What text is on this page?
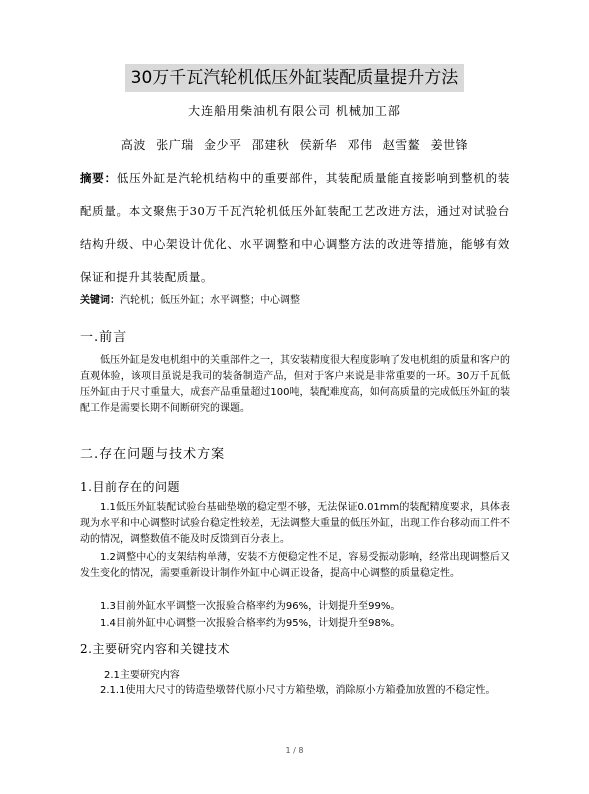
30万千瓦汽轮机低压外缸装配质量提升方法
大连船用柴油机有限公司 机械加工部
高波 张广瑞 金少平 邵建秋 侯新华 邓伟 赵雪鳌 姜世锋
摘要：低压外缸是汽轮机结构中的重要部件，其装配质量能直接影响到整机的装配质量。本文聚焦于30万千瓦汽轮机低压外缸装配工艺改进方法，通过对试验台结构升级、中心架设计优化、水平调整和中心调整方法的改进等措施，能够有效保证和提升其装配质量。
关键词：汽轮机；低压外缸；水平调整；中心调整
一.前言
低压外缸是发电机组中的关重部件之一，其安装精度很大程度影响了发电机组的质量和客户的直观体验，该项目虽说是我司的装备制造产品，但对于客户来说是非常重要的一环。30万千瓦低压外缸由于尺寸重量大，成套产品重量超过100吨，装配难度高，如何高质量的完成低压外缸的装配工作是需要长期不间断研究的课题。
二.存在问题与技术方案
1.目前存在的问题
1.1低压外缸装配试验台基础垫墩的稳定型不够，无法保证0.01mm的装配精度要求，具体表现为水平和中心调整时试验台稳定性较差，无法调整大重量的低压外缸，出现工作台移动而工件不动的情况，调整数值不能及时反馈到百分表上。
1.2调整中心的支架结构单薄，安装不方便稳定性不足，容易受振动影响，经常出现调整后又发生变化的情况，需要重新设计制作外缸中心调正设备，提高中心调整的质量稳定性。
1.3目前外缸水平调整一次报验合格率约为96%，计划提升至99%。
1.4目前外缸中心调整一次报验合格率约为95%，计划提升至98%。
2.主要研究内容和关键技术
2.1主要研究内容
2.1.1使用大尺寸的铸造垫墩替代原小尺寸方箱垫墩，消除原小方箱叠加放置的不稳定性。
1 / 8
